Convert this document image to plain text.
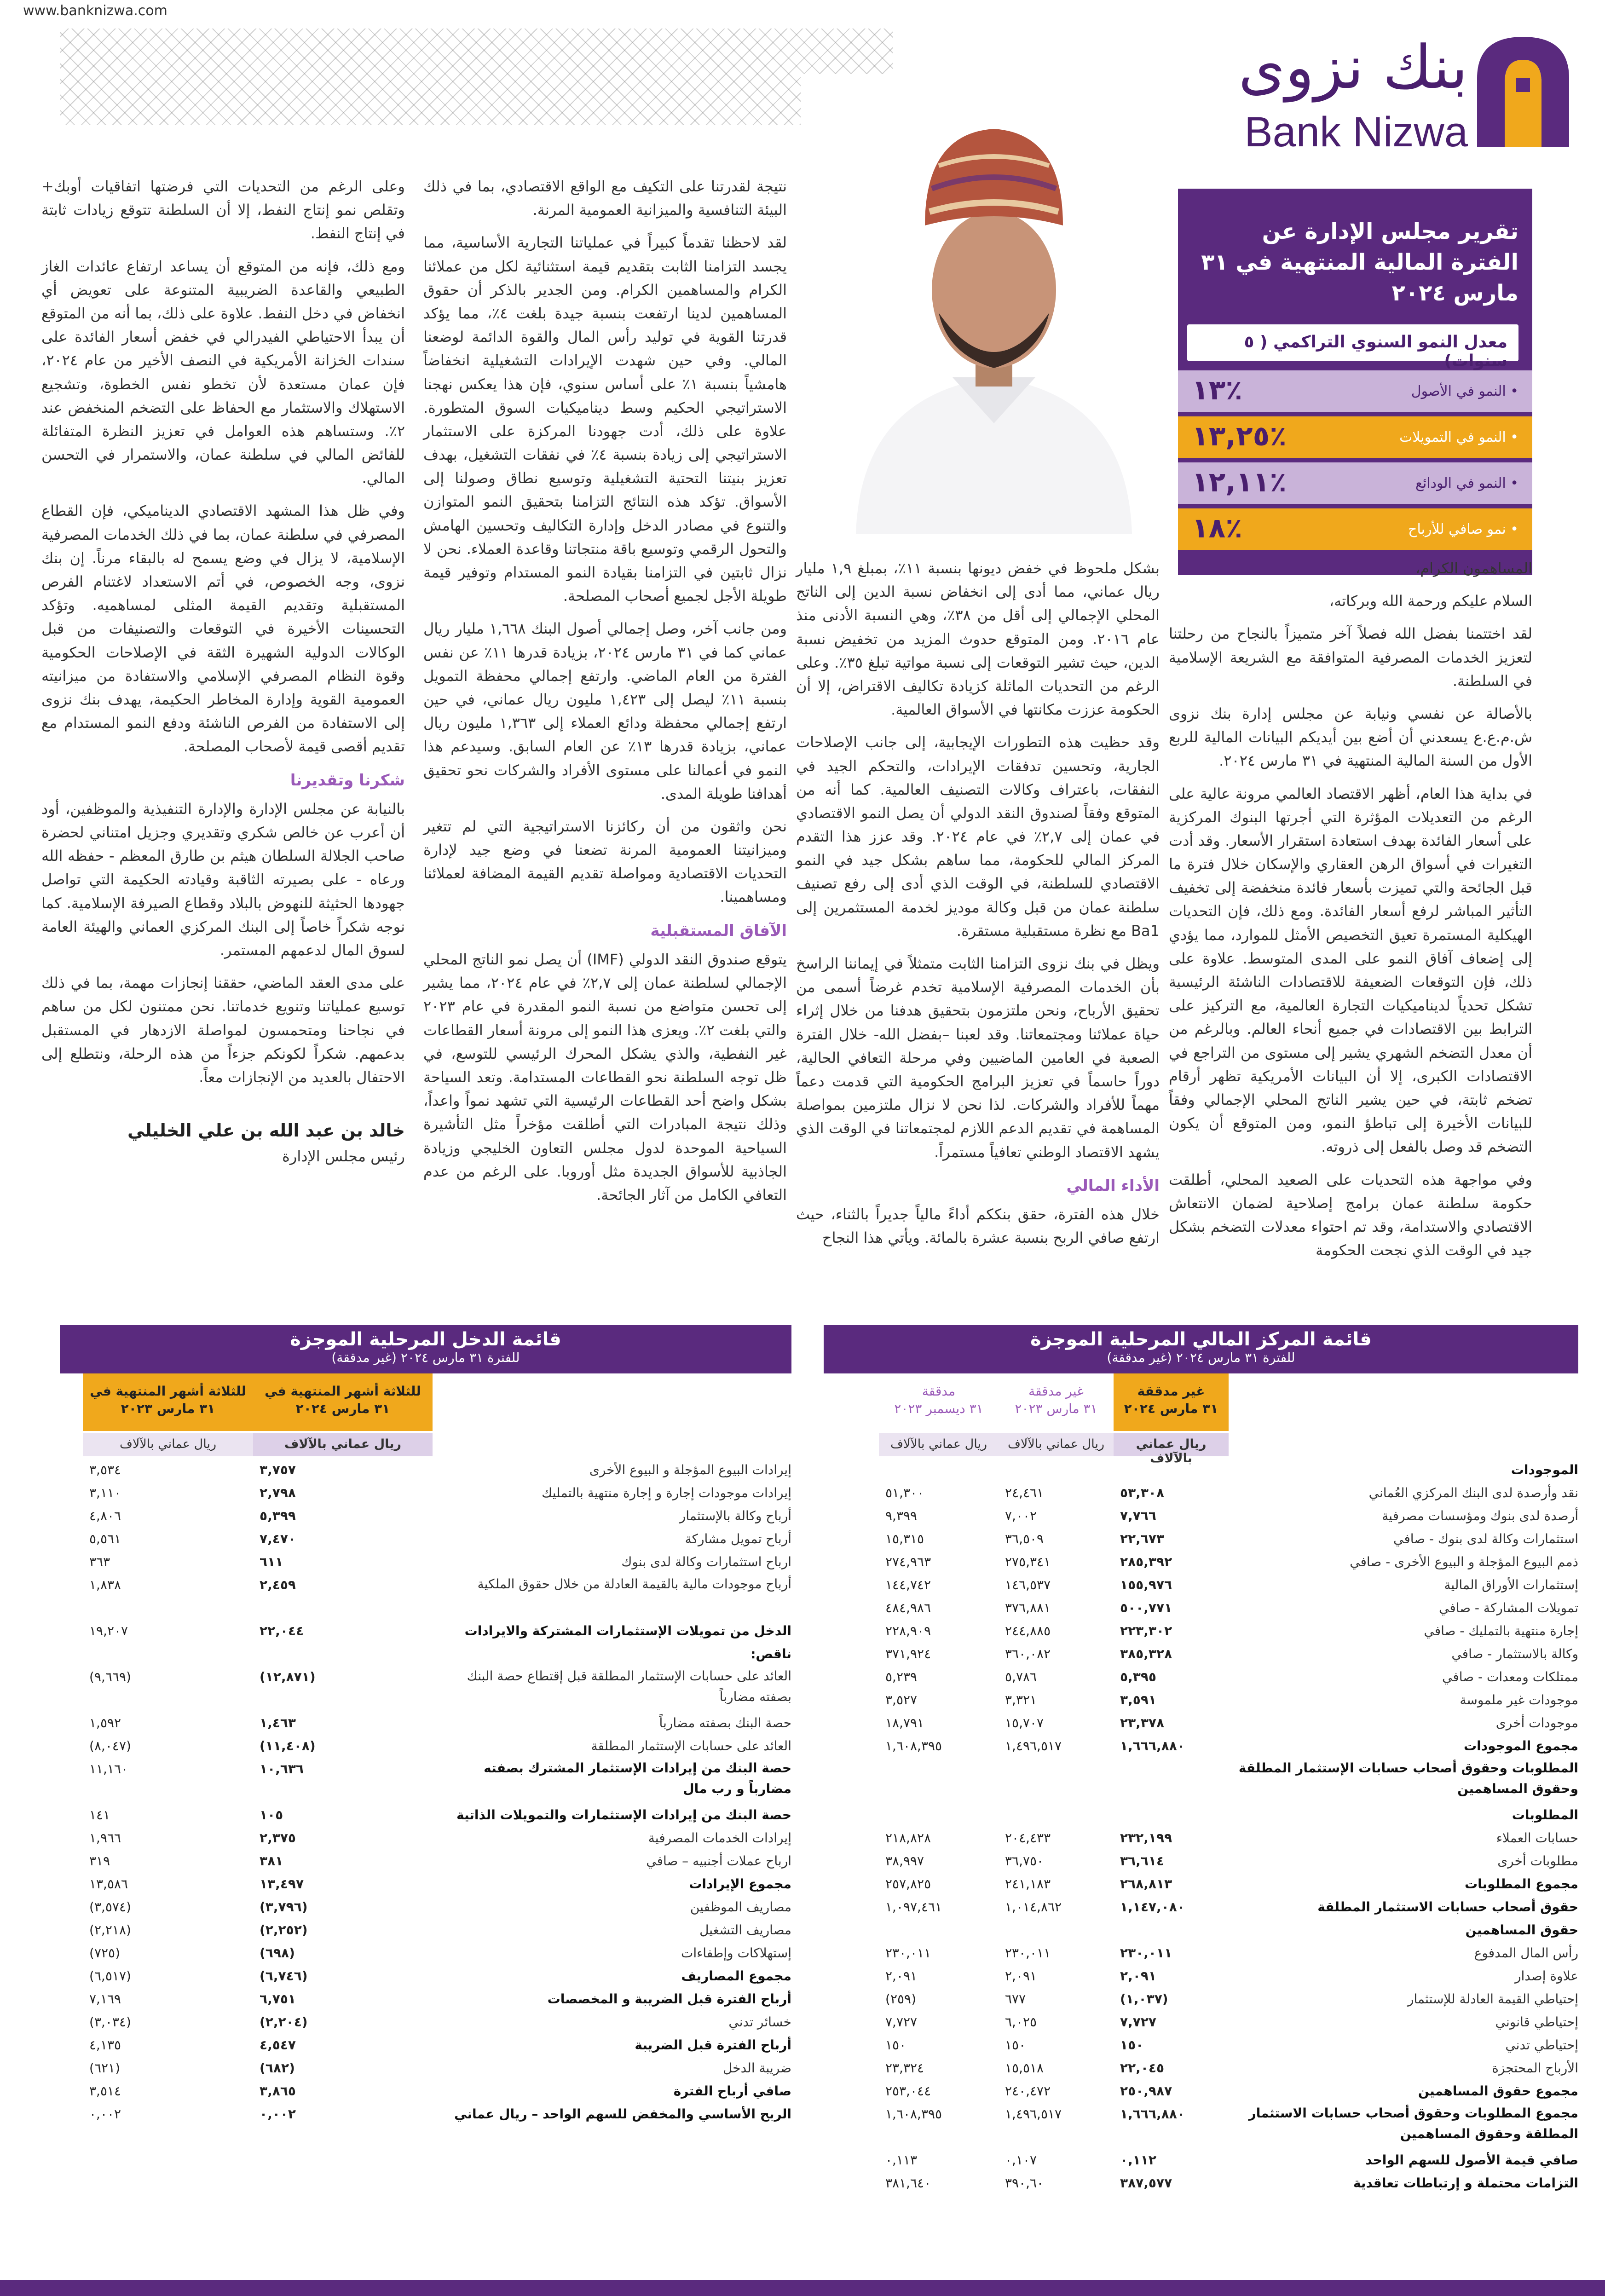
www.banknizwa.com
بنك نزوى
Bank Nizwa
تقرير مجلس الإدارة عن الفترة المالية المنتهية في ٣١ مارس ٢٠٢٤
معدل النمو السنوي التراكمي ( ٥ سنوات)
• النمو في الأصول
٪١٣
• النمو في التمويلات
٪١٣,٢٥
• النمو في الودائع
٪١٢,١١
• نمو صافي للأرباح
٪١٨

المساهمون الكرام،

السلام عليكم ورحمة الله وبركاته،

لقد اختتمنا بفضل الله فصلاً آخر متميزاً بالنجاح من رحلتنا لتعزيز الخدمات المصرفية المتوافقة مع الشريعة الإسلامية في السلطنة.

بالأصالة عن نفسي ونيابة عن مجلس إدارة بنك نزوى ش.م.ع.ع يسعدني أن أضع بين أيديكم البيانات المالية للربع الأول من السنة المالية المنتهية في ٣١ مارس ٢٠٢٤.

في بداية هذا العام، أظهر الاقتصاد العالمي مرونة عالية على الرغم من التعديلات المؤثرة التي أجرتها البنوك المركزية على أسعار الفائدة بهدف استعادة استقرار الأسعار. وقد أدت التغيرات في أسواق الرهن العقاري والإسكان خلال فترة ما قبل الجائحة والتي تميزت بأسعار فائدة منخفضة إلى تخفيف التأثير المباشر لرفع أسعار الفائدة. ومع ذلك، فإن التحديات الهيكلية المستمرة تعيق التخصيص الأمثل للموارد، مما يؤدي إلى إضعاف آفاق النمو على المدى المتوسط. علاوة على ذلك، فإن التوقعات الضعيفة للاقتصادات الناشئة الرئيسية تشكل تحدياً لديناميكيات التجارة العالمية، مع التركيز على الترابط بين الاقتصادات في جميع أنحاء العالم. وبالرغم من أن معدل التضخم الشهري يشير إلى مستوى من التراجع في الاقتصادات الكبرى، إلا أن البيانات الأمريكية تظهر أرقام تضخم ثابتة، في حين يشير الناتج المحلي الإجمالي وفقاً للبيانات الأخيرة إلى تباطؤ النمو، ومن المتوقع أن يكون التضخم قد وصل بالفعل إلى ذروته.

وفي مواجهة هذه التحديات على الصعيد المحلي، أطلقت حكومة سلطنة عمان برامج إصلاحية لضمان الانتعاش الاقتصادي والاستدامة، وقد تم احتواء معدلات التضخم بشكل جيد في الوقت الذي نجحت الحكومة

بشكل ملحوظ في خفض ديونها بنسبة ١١٪، بمبلغ ١,٩ مليار ريال عماني، مما أدى إلى انخفاض نسبة الدين إلى الناتج المحلي الإجمالي إلى أقل من ٣٨٪، وهي النسبة الأدنى منذ عام ٢٠١٦. ومن المتوقع حدوث المزيد من تخفيض نسبة الدين، حيث تشير التوقعات إلى نسبة مواتية تبلغ ٣٥٪. وعلى الرغم من التحديات الماثلة كزيادة تكاليف الاقتراض، إلا أن الحكومة عززت مكانتها في الأسواق العالمية.

وقد حظيت هذه التطورات الإيجابية، إلى جانب الإصلاحات الجارية، وتحسين تدفقات الإيرادات، والتحكم الجيد في النفقات، باعتراف وكالات التصنيف العالمية. كما أنه من المتوقع وفقاً لصندوق النقد الدولي أن يصل النمو الاقتصادي في عمان إلى ٢,٧٪ في عام ٢٠٢٤. وقد عزز هذا التقدم المركز المالي للحكومة، مما ساهم بشكل جيد في النمو الاقتصادي للسلطنة، في الوقت الذي أدى إلى رفع تصنيف سلطنة عمان من قبل وكالة موديز لخدمة المستثمرين إلى Ba1 مع نظرة مستقبلية مستقرة.

ويظل في بنك نزوى التزامنا الثابت متمثلاً في إيماننا الراسخ بأن الخدمات المصرفية الإسلامية تخدم غرضاً أسمى من تحقيق الأرباح، ونحن ملتزمون بتحقيق هدفنا من خلال إثراء حياة عملائنا ومجتمعاتنا. وقد لعبنا –بفضل الله- خلال الفترة الصعبة في العامين الماضيين وفي مرحلة التعافي الحالية، دوراً حاسماً في تعزيز البرامج الحكومية التي قدمت دعماً مهماً للأفراد والشركات. لذا نحن لا نزال ملتزمين بمواصلة المساهمة في تقديم الدعم اللازم لمجتمعاتنا في الوقت الذي يشهد الاقتصاد الوطني تعافياً مستمراً.

الأداء المالي

خلال هذه الفترة، حقق بنككم أداءً مالياً جديراً بالثناء، حيث ارتفع صافي الربح بنسبة عشرة بالمائة. ويأتي هذا النجاح

نتيجة لقدرتنا على التكيف مع الواقع الاقتصادي، بما في ذلك البيئة التنافسية والميزانية العمومية المرنة.

لقد لاحظنا تقدماً كبيراً في عملياتنا التجارية الأساسية، مما يجسد التزامنا الثابت بتقديم قيمة استثنائية لكل من عملائنا الكرام والمساهمين الكرام. ومن الجدير بالذكر أن حقوق المساهمين لدينا ارتفعت بنسبة جيدة بلغت ٤٪، مما يؤكد قدرتنا القوية في توليد رأس المال والقوة الدائمة لوضعنا المالي. وفي حين شهدت الإيرادات التشغيلية انخفاضاً هامشياً بنسبة ١٪ على أساس سنوي، فإن هذا يعكس نهجنا الاستراتيجي الحكيم وسط ديناميكيات السوق المتطورة. علاوة على ذلك، أدت جهودنا المركزة على الاستثمار الاستراتيجي إلى زيادة بنسبة ٤٪ في نفقات التشغيل، بهدف تعزيز بنيتنا التحتية التشغيلية وتوسيع نطاق وصولنا إلى الأسواق. تؤكد هذه النتائج التزامنا بتحقيق النمو المتوازن والتنوع في مصادر الدخل وإدارة التكاليف وتحسين الهامش والتحول الرقمي وتوسيع باقة منتجاتنا وقاعدة العملاء. نحن لا نزال ثابتين في التزامنا بقيادة النمو المستدام وتوفير قيمة طويلة الأجل لجميع أصحاب المصلحة.

ومن جانب آخر، وصل إجمالي أصول البنك ١,٦٦٨ مليار ريال عماني كما في ٣١ مارس ٢٠٢٤، بزيادة قدرها ١١٪ عن نفس الفترة من العام الماضي. وارتفع إجمالي محفظة التمويل بنسبة ١١٪ ليصل إلى ١,٤٢٣ مليون ريال عماني، في حين ارتفع إجمالي محفظة ودائع العملاء إلى ١,٣٦٣ مليون ريال عماني، بزيادة قدرها ١٣٪ عن العام السابق. وسيدعم هذا النمو في أعمالنا على مستوى الأفراد والشركات نحو تحقيق أهدافنا طويلة المدى.

نحن واثقون من أن ركائزنا الاستراتيجية التي لم تتغير وميزانيتنا العمومية المرنة تضعنا في وضع جيد لإدارة التحديات الاقتصادية ومواصلة تقديم القيمة المضافة لعملائنا ومساهمينا.

الآفاق المستقبلية

يتوقع صندوق النقد الدولي (IMF) أن يصل نمو الناتج المحلي الإجمالي لسلطنة عمان إلى ٢,٧٪ في عام ٢٠٢٤، مما يشير إلى تحسن متواضع من نسبة النمو المقدرة في عام ٢٠٢٣ والتي بلغت ٢٪. ويعزى هذا النمو إلى مرونة أسعار القطاعات غير النفطية، والذي يشكل المحرك الرئيسي للتوسع، في ظل توجه السلطنة نحو القطاعات المستدامة. وتعد السياحة بشكل واضح أحد القطاعات الرئيسية التي تشهد نمواً واعداً، وذلك نتيجة المبادرات التي أطلقت مؤخراً مثل التأشيرة السياحية الموحدة لدول مجلس التعاون الخليجي وزيادة الجاذبية للأسواق الجديدة مثل أوروبا. على الرغم من عدم التعافي الكامل من آثار الجائحة.

وعلى الرغم من التحديات التي فرضتها اتفاقيات أوبك+ وتقلص نمو إنتاج النفط، إلا أن السلطنة تتوقع زيادات ثابتة في إنتاج النفط.

ومع ذلك، فإنه من المتوقع أن يساعد ارتفاع عائدات الغاز الطبيعي والقاعدة الضريبية المتنوعة على تعويض أي انخفاض في دخل النفط. علاوة على ذلك، بما أنه من المتوقع أن يبدأ الاحتياطي الفيدرالي في خفض أسعار الفائدة على سندات الخزانة الأمريكية في النصف الأخير من عام ٢٠٢٤، فإن عمان مستعدة لأن تخطو نفس الخطوة، وتشجيع الاستهلاك والاستثمار مع الحفاظ على التضخم المنخفض عند ٢٪. وستساهم هذه العوامل في تعزيز النظرة المتفائلة للفائض المالي في سلطنة عمان، والاستمرار في التحسن المالي.

وفي ظل هذا المشهد الاقتصادي الديناميكي، فإن القطاع المصرفي في سلطنة عمان، بما في ذلك الخدمات المصرفية الإسلامية، لا يزال في وضع يسمح له بالبقاء مرناً. إن بنك نزوى، وجه الخصوص، في أتم الاستعداد لاغتنام الفرص المستقبلية وتقديم القيمة المثلى لمساهميه. وتؤكد التحسينات الأخيرة في التوقعات والتصنيفات من قبل الوكالات الدولية الشهيرة الثقة في الإصلاحات الحكومية وقوة النظام المصرفي الإسلامي والاستفادة من ميزانيته العمومية القوية وإدارة المخاطر الحكيمة، يهدف بنك نزوى إلى الاستفادة من الفرص الناشئة ودفع النمو المستدام مع تقديم أقصى قيمة لأصحاب المصلحة.

شكرنا وتقديرنا

بالنيابة عن مجلس الإدارة والإدارة التنفيذية والموظفين، أود أن أعرب عن خالص شكري وتقديري وجزيل امتناني لحضرة صاحب الجلالة السلطان هيثم بن طارق المعظم - حفظه الله ورعاه - على بصيرته الثاقبة وقيادته الحكيمة التي تواصل جهودها الحثيثة للنهوض بالبلاد وقطاع الصيرفة الإسلامية. كما نوجه شكراً خاصاً إلى البنك المركزي العماني والهيئة العامة لسوق المال لدعمهم المستمر.

على مدى العقد الماضي، حققنا إنجازات مهمة، بما في ذلك توسيع عملياتنا وتنويع خدماتنا. نحن ممتنون لكل من ساهم في نجاحنا ومتحمسون لمواصلة الازدهار في المستقبل بدعمهم. شكراً لكونكم جزءاً من هذه الرحلة، ونتطلع إلى الاحتفال بالعديد من الإنجازات معاً.

خالد بن عبد الله بن علي الخليلي
رئيس مجلس الإدارة
قائمة المركز المالي المرحلية الموجزة
للفترة ٣١ مارس ٢٠٢٤ (غير مدققة)
غير مدققة
٣١ مارس ٢٠٢٤
غير مدققة
٣١ مارس ٢٠٢٣
مدققة
٣١ ديسمبر ٢٠٢٣
ريال عماني بالآلاف
ريال عماني بالآلاف
ريال عماني بالآلاف
الموجودات
نقد وأرصدة لدى البنك المركزي العُماني
٥٣,٣٠٨
٢٤,٤٦١
٥١,٣٠٠
أرصدة لدى بنوك ومؤسسات مصرفية
٧,٧٦٦
٧,٠٠٢
٩,٣٩٩
استثمارات وكالة لدى بنوك - صافي
٢٢,٦٧٣
٣٦,٥٠٩
١٥,٣١٥
ذمم البيوع المؤجلة و البيوع الأخرى - صافي
٢٨٥,٣٩٢
٢٧٥,٣٤١
٢٧٤,٩٦٣
إستثمارات الأوراق المالية
١٥٥,٩٧٦
١٤٦,٥٣٧
١٤٤,٧٤٢
تمويلات المشاركة - صافي
٥٠٠,٧٧١
٣٧٦,٨٨١
٤٨٤,٩٨٦
إجارة منتهية بالتمليك - صافي
٢٢٣,٣٠٢
٢٤٤,٨٨٥
٢٢٨,٩٠٩
وكالة بالاستثمار - صافي
٣٨٥,٣٢٨
٣٦٠,٠٨٢
٣٧١,٩٢٤
ممتلكات ومعدات - صافي
٥,٣٩٥
٥,٧٨٦
٥,٢٣٩
موجودات غير ملموسة
٣,٥٩١
٣,٣٢١
٣,٥٢٧
موجودات أخرى
٢٣,٣٧٨
١٥,٧٠٧
١٨,٧٩١
مجموع الموجودات
١,٦٦٦,٨٨٠
١,٤٩٦,٥١٧
١,٦٠٨,٣٩٥
المطلوبات وحقوق أصحاب حسابات الإستثمار المطلقة وحقوق المساهمين
المطلوبات
حسابات العملاء
٢٣٢,١٩٩
٢٠٤,٤٣٣
٢١٨,٨٢٨
مطلوبات أخرى
٣٦,٦١٤
٣٦,٧٥٠
٣٨,٩٩٧
مجموع المطلوبات
٢٦٨,٨١٣
٢٤١,١٨٣
٢٥٧,٨٢٥
حقوق أصحاب حسابات الاستثمار المطلقة
١,١٤٧,٠٨٠
١,٠١٤,٨٦٢
١,٠٩٧,٤٦١
حقوق المساهمين
رأس المال المدفوع
٢٣٠,٠١١
٢٣٠,٠١١
٢٣٠,٠١١
علاوة إصدار
٢,٠٩١
٢,٠٩١
٢,٠٩١
إحتياطي القيمة العادلة للإستثمار
(١,٠٣٧)
٦٧٧
(٢٥٩)
إحتياطي قانوني
٧,٧٢٧
٦,٠٢٥
٧,٧٢٧
إحتياطي تدني
١٥٠
١٥٠
١٥٠
الأرباح المحتجزة
٢٢,٠٤٥
١٥,٥١٨
٢٣,٣٢٤
مجموع حقوق المساهمين
٢٥٠,٩٨٧
٢٤٠,٤٧٢
٢٥٣,٠٤٤
مجموع المطلوبات وحقوق أصحاب حسابات الاستثمار المطلقة وحقوق المساهمين
١,٦٦٦,٨٨٠
١,٤٩٦,٥١٧
١,٦٠٨,٣٩٥
صافي قيمة الأصول للسهم الواحد
٠,١١٢
٠,١٠٧
٠,١١٣
التزامات محتملة و إرتباطات تعاقدية
٣٨٧,٥٧٧
٣٩٠,٦٠
٣٨١,٦٤٠
قائمة الدخل المرحلية الموجزة
للفترة ٣١ مارس ٢٠٢٤ (غير مدققة)
للثلاثة أشهر المنتهية في
٣١ مارس ٢٠٢٤
للثلاثة أشهر المنتهية في
٣١ مارس ٢٠٢٣
ريال عماني بالآلاف
ريال عماني بالآلاف
إيرادات البيوع المؤجلة و البيوع الأخرى
٣,٧٥٧
٣,٥٣٤
إيرادات موجودات إجارة و إجارة منتهية بالتمليك
٢,٧٩٨
٣,١١٠
أرباح وكالة بالإستثمار
٥,٣٩٩
٤,٨٠٦
أرباح تمويل مشاركة
٧,٤٧٠
٥,٥٦١
ارباح استثمارات وكالة لدى بنوك
٦١١
٣٦٣
أرباح موجودات مالية بالقيمة العادلة من خلال حقوق الملكية
٢,٤٥٩
١,٨٣٨
الدخل من تمويلات الإستثمارات المشتركة والايرادات
٢٢,٠٤٤
١٩,٢٠٧
ناقص:
العائد على حسابات الإستثمار المطلقة قبل إقتطاع حصة البنك بصفته مضارباً
(١٢,٨٧١)
(٩,٦٦٩)
حصة البنك بصفته مضارباً
١,٤٦٣
١,٥٩٢
العائد على حسابات الإستثمار المطلقة
(١١,٤٠٨)
(٨,٠٤٧)
حصة البنك من إيرادات الإستثمار المشترك بصفته مضارباً و رب مال
١٠,٦٣٦
١١,١٦٠
حصة البنك من إيرادات الإستثمارات والتمويلات الذاتية
١٠٥
١٤١
إيرادات الخدمات المصرفية
٢,٣٧٥
١,٩٦٦
ارباح عملات أجنبيه – صافي
٣٨١
٣١٩
مجموع الإيرادات
١٣,٤٩٧
١٣,٥٨٦
مصاريف الموظفين
(٣,٧٩٦)
(٣,٥٧٤)
مصاريف التشغيل
(٢,٢٥٢)
(٢,٢١٨)
إستهلاكات وإطفاءات
(٦٩٨)
(٧٢٥)
مجموع المصاريف
(٦,٧٤٦)
(٦,٥١٧)
أرباح الفترة قبل الضريبة و المخصصات
٦,٧٥١
٧,١٦٩
خسائر تدني
(٢,٢٠٤)
(٣,٠٣٤)
أرباح الفترة قبل الضريبة
٤,٥٤٧
٤,١٣٥
ضريبة الدخل
(٦٨٢)
(٦٢١)
صافي أرباح الفترة
٣,٨٦٥
٣,٥١٤
الربح الأساسي والمخفض للسهم الواحد – ريال عماني
٠,٠٠٢
٠,٠٠٢
